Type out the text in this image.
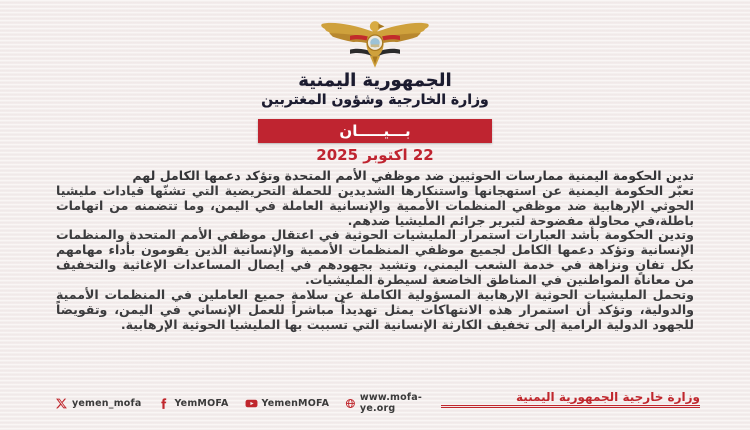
الجمهورية اليمنية
وزارة الخارجية وشؤون المغتربين
بـــيـــــان
22 اكتوبر 2025

تدين الحكومة اليمنية ممارسات الحوثيين ضد موظفي الأمم المتحدة وتؤكد دعمها الكامل لهم

تعبّر الحكومة اليمنية عن استهجانها واستنكارها الشديدين للحملة التحريضية التي تشنّها قيادات مليشيا الحوثي الإرهابية ضد موظفي المنظمات الأممية والإنسانية العاملة في اليمن، وما تتضمنه من اتهامات باطلة،في محاولة مفضوحة لتبرير جرائم المليشيا ضدهم.

وتدين الحكومة بأشد العبارات استمرار المليشيات الحوثية في اعتقال موظفي الأمم المتحدة والمنظمات الإنسانية وتؤكد دعمها الكامل لجميع موظفي المنظمات الأممية والإنسانية الذين يقومون بأداء مهامهم بكل تفانٍ ونزاهة في خدمة الشعب اليمني، وتشيد بجهودهم في إيصال المساعدات الإغاثية والتخفيف من معاناة المواطنين في المناطق الخاضعة لسيطرة المليشيات.

وتحمل المليشيات الحوثية الإرهابية المسؤولية الكاملة عن سلامة جميع العاملين في المنظمات الأممية والدولية، وتؤكد أن استمرار هذه الانتهاكات يمثل تهديداً مباشراً للعمل الإنساني في اليمن، وتقويضاً للجهود الدولية الرامية إلى تخفيف الكارثة الإنسانية التي تسببت بها المليشيا الحوثية الإرهابية.

وزارة خارجية الجمهورية اليمنية
yemen_mofa	YemMOFA	YemenMOFA	www.mofa-ye.org
